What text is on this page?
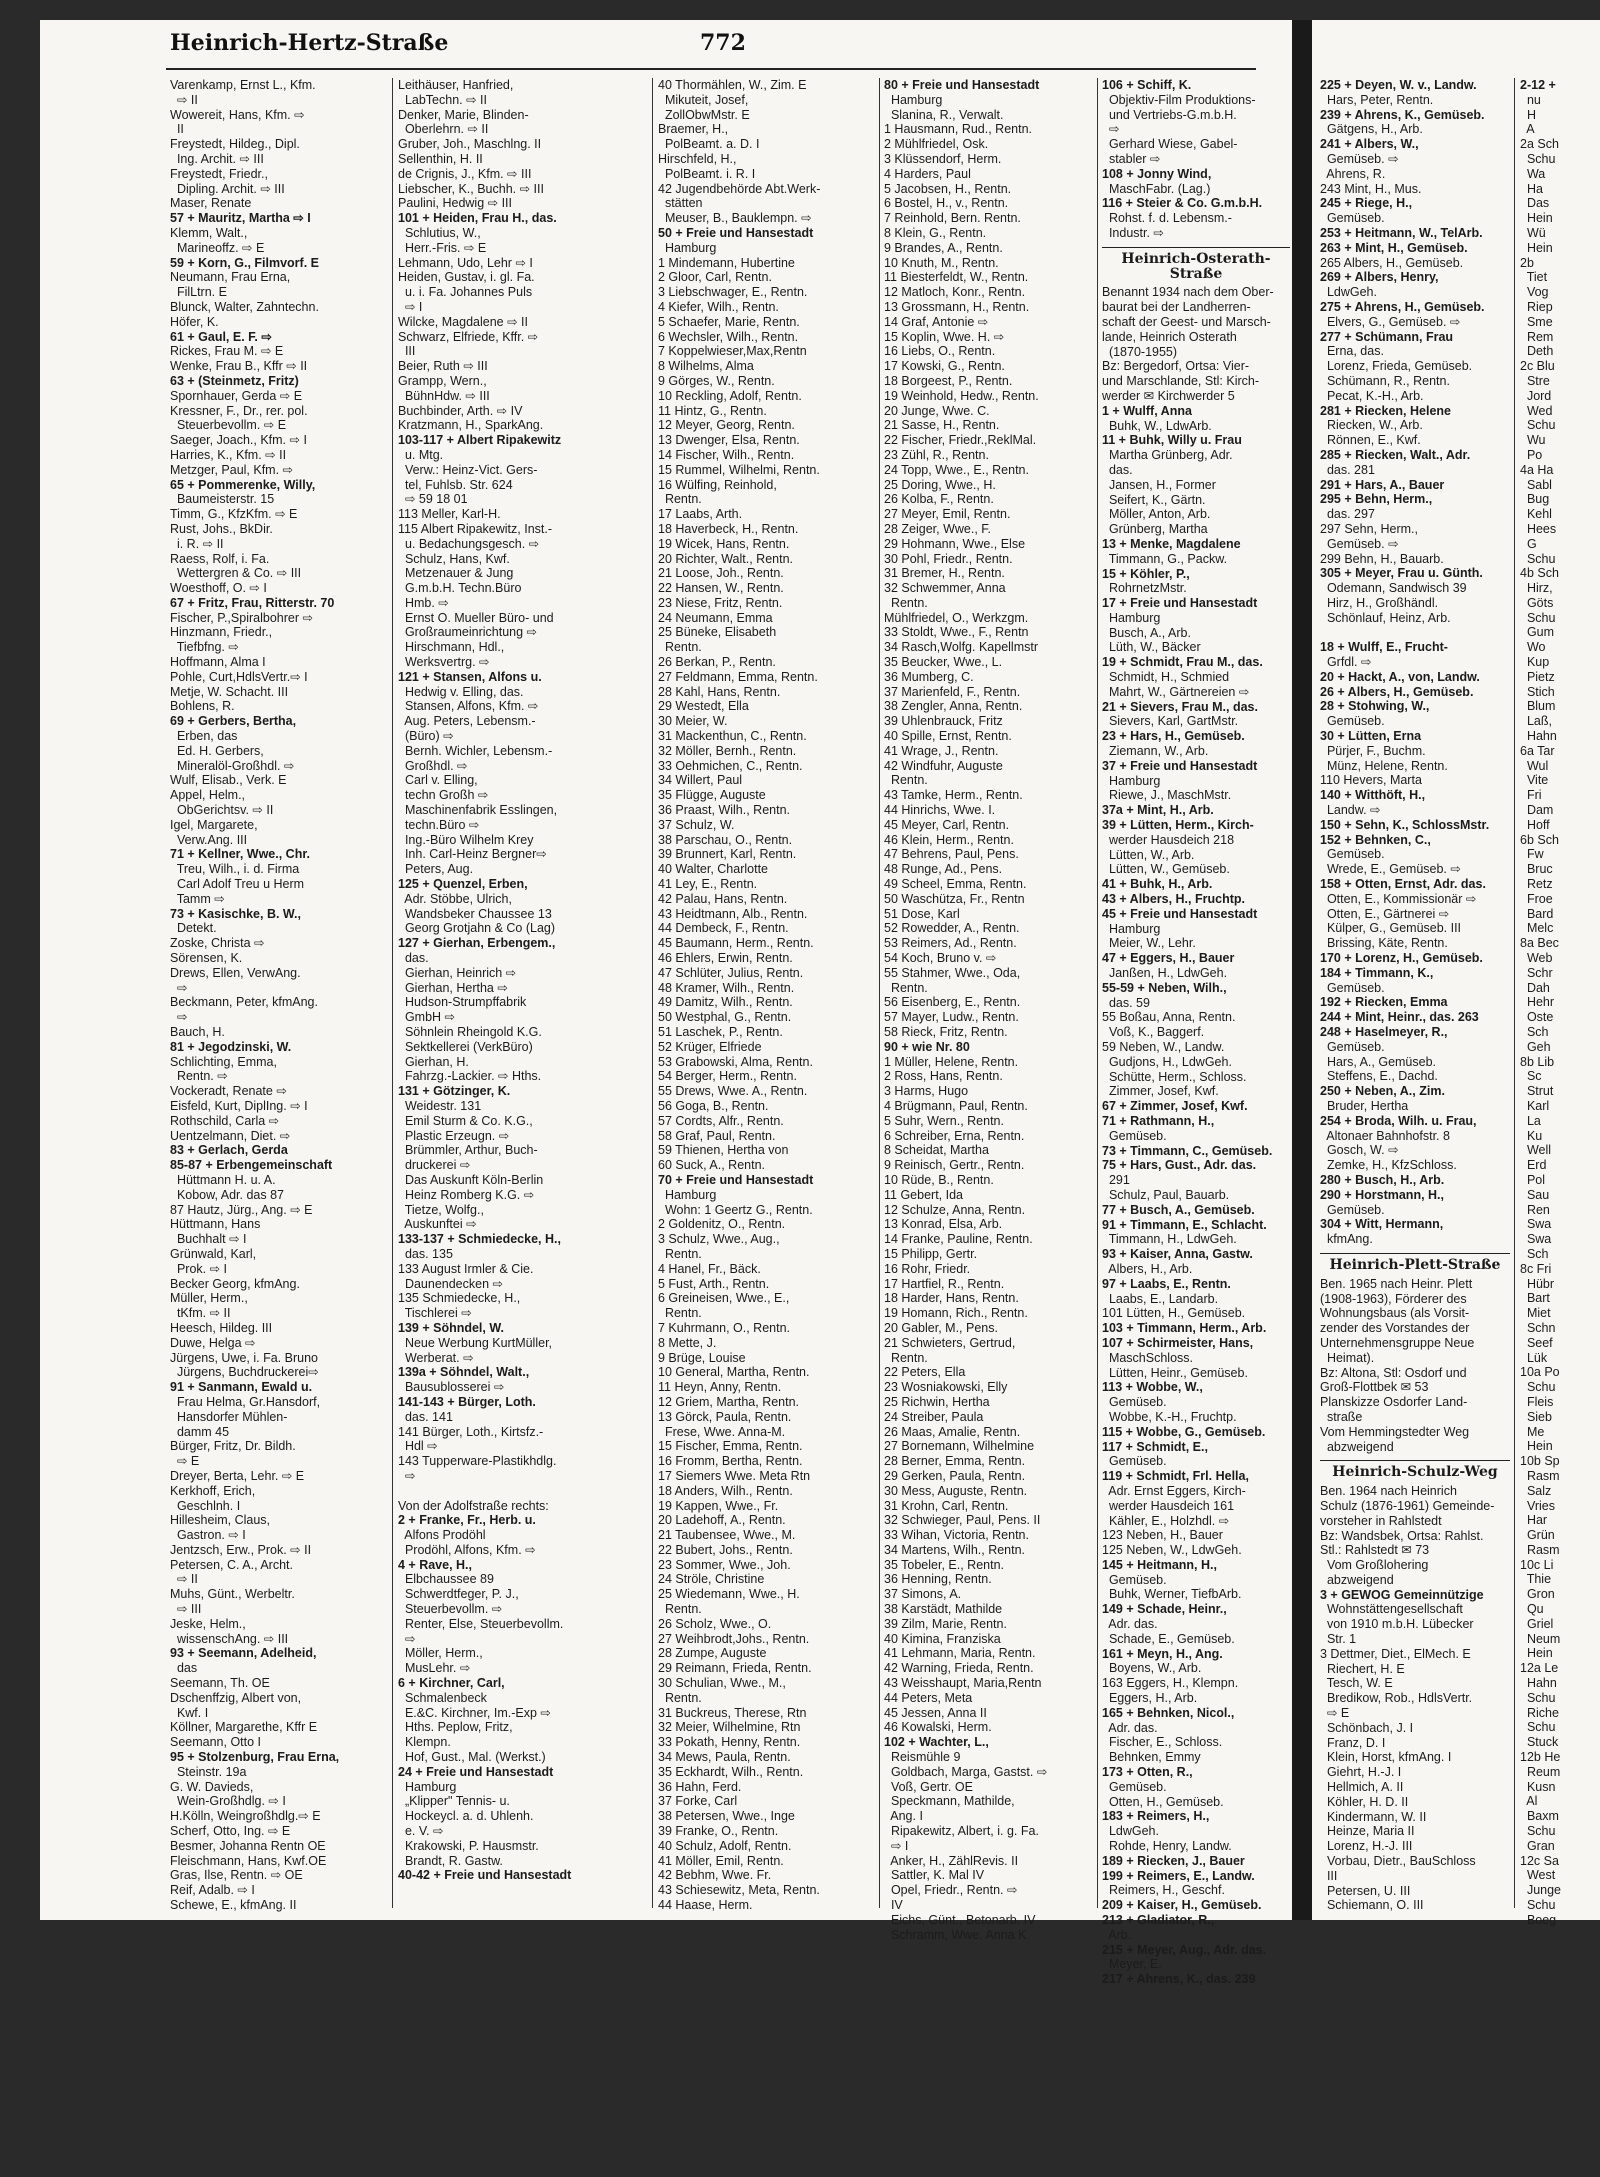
Heinrich-Hertz-Straße	772
Varenkamp, Ernst L., Kfm.
⇨ II
Wowereit, Hans, Kfm. ⇨
II
Freystedt, Hildeg., Dipl.
Ing. Archit. ⇨ III
Freystedt, Friedr.,
Dipling. Archit. ⇨ III
Maser, Renate
57 + Mauritz, Martha ⇨ I
Klemm, Walt.,
Marineoffz. ⇨ E
59 + Korn, G., Filmvorf. E
Neumann, Frau Erna,
FilLtrn. E
Blunck, Walter, Zahntechn.
Höfer, K.
61 + Gaul, E. F. ⇨
Rickes, Frau M. ⇨ E
Wenke, Frau B., Kffr ⇨ II
63 + (Steinmetz, Fritz)
Spornhauer, Gerda ⇨ E
Kressner, F., Dr., rer. pol.
Steuerbevollm. ⇨ E
Saeger, Joach., Kfm. ⇨ I
Harries, K., Kfm. ⇨ II
Metzger, Paul, Kfm. ⇨
65 + Pommerenke, Willy,
Baumeisterstr. 15
Timm, G., KfzKfm. ⇨ E
Rust, Johs., BkDir.
i. R. ⇨ II
Raess, Rolf, i. Fa.
Wettergren & Co. ⇨ III
Woesthoff, O. ⇨ I
67 + Fritz, Frau, Ritterstr. 70
Fischer, P.,Spiralbohrer ⇨
Hinzmann, Friedr.,
Tiefbfng. ⇨
Hoffmann, Alma I
Pohle, Curt,HdlsVertr.⇨ I
Metje, W. Schacht. III
Bohlens, R.
69 + Gerbers, Bertha,
Erben, das
Ed. H. Gerbers,
Mineralöl-Großhdl. ⇨
Wulf, Elisab., Verk. E
Appel, Helm.,
ObGerichtsv. ⇨ II
Igel, Margarete,
Verw.Ang. III
71 + Kellner, Wwe., Chr.
Treu, Wilh., i. d. Firma
Carl Adolf Treu u Herm
Tamm ⇨
73 + Kasischke, B. W.,
Detekt.
Zoske, Christa ⇨
Sörensen, K.
Drews, Ellen, VerwAng.
⇨
Beckmann, Peter, kfmAng.
⇨
Bauch, H.
81 + Jegodzinski, W.
Schlichting, Emma,
Rentn. ⇨
Vockeradt, Renate ⇨
Eisfeld, Kurt, DiplIng. ⇨ I
Rothschild, Carla ⇨
Uentzelmann, Diet. ⇨
83 + Gerlach, Gerda
85-87 + Erbengemeinschaft
Hüttmann H. u. A.
Kobow, Adr. das 87
87 Hautz, Jürg., Ang. ⇨ E
Hüttmann, Hans
Buchhalt ⇨ I
Grünwald, Karl,
Prok. ⇨ I
Becker Georg, kfmAng.
Müller, Herm.,
tKfm. ⇨ II
Heesch, Hildeg. III
Duwe, Helga ⇨
Jürgens, Uwe, i. Fa. Bruno
Jürgens, Buchdruckerei⇨
91 + Sanmann, Ewald u.
Frau Helma, Gr.Hansdorf,
Hansdorfer Mühlen-
damm 45
Bürger, Fritz, Dr. Bildh.
⇨ E
Dreyer, Berta, Lehr. ⇨ E
Kerkhoff, Erich,
Geschlnh. I
Hillesheim, Claus,
Gastron. ⇨ I
Jentzsch, Erw., Prok. ⇨ II
Petersen, C. A., Archt.
⇨ II
Muhs, Günt., Werbeltr.
⇨ III
Jeske, Helm.,
wissenschAng. ⇨ III
93 + Seemann, Adelheid,
das
Seemann, Th. OE
Dschenffzig, Albert von,
Kwf. I
Köllner, Margarethe, Kffr E
Seemann, Otto I
95 + Stolzenburg, Frau Erna,
Steinstr. 19a
G. W. Davieds,
Wein-Großhdlg. ⇨ I
H.Kölln, Weingroßhdlg.⇨ E
Scherf, Otto, Ing. ⇨ E
Besmer, Johanna Rentn OE
Fleischmann, Hans, Kwf.OE
Gras, Ilse, Rentn. ⇨ OE
Reif, Adalb. ⇨ I
Schewe, E., kfmAng. II
Leithäuser, Hanfried,
LabTechn. ⇨ II
Denker, Marie, Blinden-
Oberlehrn. ⇨ II
Gruber, Joh., Maschlng. II
Sellenthin, H. II
de Crignis, J., Kfm. ⇨ III
Liebscher, K., Buchh. ⇨ III
Paulini, Hedwig ⇨ III
101 + Heiden, Frau H., das.
Schlutius, W.,
Herr.-Fris. ⇨ E
Lehmann, Udo, Lehr ⇨ I
Heiden, Gustav, i. gl. Fa.
u. i. Fa. Johannes Puls
⇨ I
Wilcke, Magdalene ⇨ II
Schwarz, Elfriede, Kffr. ⇨
III
Beier, Ruth ⇨ III
Grampp, Wern.,
BühnHdw. ⇨ III
Buchbinder, Arth. ⇨ IV
Kratzmann, H., SparkAng.
103-117 + Albert Ripakewitz
u. Mtg.
Verw.: Heinz-Vict. Gers-
tel, Fuhlsb. Str. 624
⇨ 59 18 01
113 Meller, Karl-H.
115 Albert Ripakewitz, Inst.-
u. Bedachungsgesch. ⇨
Schulz, Hans, Kwf.
Metzenauer & Jung
G.m.b.H. Techn.Büro
Hmb. ⇨
Ernst O. Mueller Büro- und
Großraumeinrichtung ⇨
Hirschmann, Hdl.,
Werksvertrg. ⇨
121 + Stansen, Alfons u.
Hedwig v. Elling, das.
Stansen, Alfons, Kfm. ⇨
Aug. Peters, Lebensm.-
(Büro) ⇨
Bernh. Wichler, Lebensm.-
Großhdl. ⇨
Carl v. Elling,
techn Großh ⇨
Maschinenfabrik Esslingen,
techn.Büro ⇨
Ing.-Büro Wilhelm Krey
Inh. Carl-Heinz Bergner⇨
Peters, Aug.
125 + Quenzel, Erben,
Adr. Stöbbe, Ulrich,
Wandsbeker Chaussee 13
Georg Grotjahn & Co (Lag)
127 + Gierhan, Erbengem.,
das.
Gierhan, Heinrich ⇨
Gierhan, Hertha ⇨
Hudson-Strumpffabrik
GmbH ⇨
Söhnlein Rheingold K.G.
Sektkellerei (VerkBüro)
Gierhan, H.
Fahrzg.-Lackier. ⇨ Hths.
131 + Götzinger, K.
Weidestr. 131
Emil Sturm & Co. K.G.,
Plastic Erzeugn. ⇨
Brümmler, Arthur, Buch-
druckerei ⇨
Das Auskunft Köln-Berlin
Heinz Romberg K.G. ⇨
Tietze, Wolfg.,
Auskunftei ⇨
133-137 + Schmiedecke, H.,
das. 135
133 August Irmler & Cie.
Daunendecken ⇨
135 Schmiedecke, H.,
Tischlerei ⇨
139 + Söhndel, W.
Neue Werbung KurtMüller,
Werberat. ⇨
139a + Söhndel, Walt.,
Bausublosserei ⇨
141-143 + Bürger, Loth.
das. 141
141 Bürger, Loth., Kirtsfz.-
Hdl ⇨
143 Tupperware-Plastikhdlg.
⇨

Von der Adolfstraße rechts:
2 + Franke, Fr., Herb. u.
Alfons Prodöhl
Prodöhl, Alfons, Kfm. ⇨
4 + Rave, H.,
Elbchaussee 89
Schwerdtfeger, P. J.,
Steuerbevollm. ⇨
Renter, Else, Steuerbevollm.
⇨
Möller, Herm.,
MusLehr. ⇨
6 + Kirchner, Carl,
Schmalenbeck
E.&C. Kirchner, Im.-Exp ⇨
Hths. Peplow, Fritz,
Klempn.
Hof, Gust., Mal. (Werkst.)
24 + Freie und Hansestadt
Hamburg
„Klipper" Tennis- u.
Hockeycl. a. d. Uhlenh.
e. V. ⇨
Krakowski, P. Hausmstr.
Brandt, R. Gastw.
40-42 + Freie und Hansestadt
40 Thormählen, W., Zim. E
Mikuteit, Josef,
ZollObwMstr. E
Braemer, H.,
PolBeamt. a. D. I
Hirschfeld, H.,
PolBeamt. i. R. I
42 Jugendbehörde Abt.Werk-
stätten
Meuser, B., Bauklempn. ⇨
50 + Freie und Hansestadt
Hamburg
1 Mindemann, Hubertine
2 Gloor, Carl, Rentn.
3 Liebschwager, E., Rentn.
4 Kiefer, Wilh., Rentn.
5 Schaefer, Marie, Rentn.
6 Wechsler, Wilh., Rentn.
7 Koppelwieser,Max,Rentn
8 Wilhelms, Alma
9 Görges, W., Rentn.
10 Reckling, Adolf, Rentn.
11 Hintz, G., Rentn.
12 Meyer, Georg, Rentn.
13 Dwenger, Elsa, Rentn.
14 Fischer, Wilh., Rentn.
15 Rummel, Wilhelmi, Rentn.
16 Wülfing, Reinhold,
Rentn.
17 Laabs, Arth.
18 Haverbeck, H., Rentn.
19 Wicek, Hans, Rentn.
20 Richter, Walt., Rentn.
21 Loose, Joh., Rentn.
22 Hansen, W., Rentn.
23 Niese, Fritz, Rentn.
24 Neumann, Emma
25 Büneke, Elisabeth
Rentn.
26 Berkan, P., Rentn.
27 Feldmann, Emma, Rentn.
28 Kahl, Hans, Rentn.
29 Westedt, Ella
30 Meier, W.
31 Mackenthun, C., Rentn.
32 Möller, Bernh., Rentn.
33 Oehmichen, C., Rentn.
34 Willert, Paul
35 Flügge, Auguste
36 Praast, Wilh., Rentn.
37 Schulz, W.
38 Parschau, O., Rentn.
39 Brunnert, Karl, Rentn.
40 Walter, Charlotte
41 Ley, E., Rentn.
42 Palau, Hans, Rentn.
43 Heidtmann, Alb., Rentn.
44 Dembeck, F., Rentn.
45 Baumann, Herm., Rentn.
46 Ehlers, Erwin, Rentn.
47 Schlüter, Julius, Rentn.
48 Kramer, Wilh., Rentn.
49 Damitz, Wilh., Rentn.
50 Westphal, G., Rentn.
51 Laschek, P., Rentn.
52 Krüger, Elfriede
53 Grabowski, Alma, Rentn.
54 Berger, Herm., Rentn.
55 Drews, Wwe. A., Rentn.
56 Goga, B., Rentn.
57 Cordts, Alfr., Rentn.
58 Graf, Paul, Rentn.
59 Thienen, Hertha von
60 Suck, A., Rentn.
70 + Freie und Hansestadt
Hamburg
Wohn: 1 Geertz G., Rentn.
2 Goldenitz, O., Rentn.
3 Schulz, Wwe., Aug.,
Rentn.
4 Hanel, Fr., Bäck.
5 Fust, Arth., Rentn.
6 Greineisen, Wwe., E.,
Rentn.
7 Kuhrmann, O., Rentn.
8 Mette, J.
9 Brüge, Louise
10 General, Martha, Rentn.
11 Heyn, Anny, Rentn.
12 Griem, Martha, Rentn.
13 Görck, Paula, Rentn.
Frese, Wwe. Anna-M.
15 Fischer, Emma, Rentn.
16 Fromm, Bertha, Rentn.
17 Siemers Wwe. Meta Rtn
18 Anders, Wilh., Rentn.
19 Kappen, Wwe., Fr.
20 Ladehoff, A., Rentn.
21 Taubensee, Wwe., M.
22 Bubert, Johs., Rentn.
23 Sommer, Wwe., Joh.
24 Ströle, Christine
25 Wiedemann, Wwe., H.
Rentn.
26 Scholz, Wwe., O.
27 Weihbrodt,Johs., Rentn.
28 Zumpe, Auguste
29 Reimann, Frieda, Rentn.
30 Schulian, Wwe., M.,
Rentn.
31 Buckreus, Therese, Rtn
32 Meier, Wilhelmine, Rtn
33 Pokath, Henny, Rentn.
34 Mews, Paula, Rentn.
35 Eckhardt, Wilh., Rentn.
36 Hahn, Ferd.
37 Forke, Carl
38 Petersen, Wwe., Inge
39 Franke, O., Rentn.
40 Schulz, Adolf, Rentn.
41 Möller, Emil, Rentn.
42 Bebhm, Wwe. Fr.
43 Schiesewitz, Meta, Rentn.
44 Haase, Herm.
80 + Freie und Hansestadt
Hamburg
Slanina, R., Verwalt.
1 Hausmann, Rud., Rentn.
2 Mühlfriedel, Osk.
3 Klüssendorf, Herm.
4 Harders, Paul
5 Jacobsen, H., Rentn.
6 Bostel, H., v., Rentn.
7 Reinhold, Bern. Rentn.
8 Klein, G., Rentn.
9 Brandes, A., Rentn.
10 Knuth, M., Rentn.
11 Biesterfeldt, W., Rentn.
12 Matloch, Konr., Rentn.
13 Grossmann, H., Rentn.
14 Graf, Antonie ⇨
15 Koplin, Wwe. H. ⇨
16 Liebs, O., Rentn.
17 Kowski, G., Rentn.
18 Borgeest, P., Rentn.
19 Weinhold, Hedw., Rentn.
20 Junge, Wwe. C.
21 Sasse, H., Rentn.
22 Fischer, Friedr.,ReklMal.
23 Zühl, R., Rentn.
24 Topp, Wwe., E., Rentn.
25 Doring, Wwe., H.
26 Kolba, F., Rentn.
27 Meyer, Emil, Rentn.
28 Zeiger, Wwe., F.
29 Hohmann, Wwe., Else
30 Pohl, Friedr., Rentn.
31 Bremer, H., Rentn.
32 Schwemmer, Anna
Rentn.
Mühlfriedel, O., Werkzgm.
33 Stoldt, Wwe., F., Rentn
34 Rasch,Wolfg. Kapellmstr
35 Beucker, Wwe., L.
36 Mumberg, C.
37 Marienfeld, F., Rentn.
38 Zengler, Anna, Rentn.
39 Uhlenbrauck, Fritz
40 Spille, Ernst, Rentn.
41 Wrage, J., Rentn.
42 Windfuhr, Auguste
Rentn.
43 Tamke, Herm., Rentn.
44 Hinrichs, Wwe. I.
45 Meyer, Carl, Rentn.
46 Klein, Herm., Rentn.
47 Behrens, Paul, Pens.
48 Runge, Ad., Pens.
49 Scheel, Emma, Rentn.
50 Waschütza, Fr., Rentn
51 Dose, Karl
52 Rowedder, A., Rentn.
53 Reimers, Ad., Rentn.
54 Koch, Bruno v. ⇨
55 Stahmer, Wwe., Oda,
Rentn.
56 Eisenberg, E., Rentn.
57 Mayer, Ludw., Rentn.
58 Rieck, Fritz, Rentn.
90 + wie Nr. 80
1 Müller, Helene, Rentn.
2 Ross, Hans, Rentn.
3 Harms, Hugo
4 Brügmann, Paul, Rentn.
5 Suhr, Wern., Rentn.
6 Schreiber, Erna, Rentn.
8 Scheidat, Martha
9 Reinisch, Gertr., Rentn.
10 Rüde, B., Rentn.
11 Gebert, Ida
12 Schulze, Anna, Rentn.
13 Konrad, Elsa, Arb.
14 Franke, Pauline, Rentn.
15 Philipp, Gertr.
16 Rohr, Friedr.
17 Hartfiel, R., Rentn.
18 Harder, Hans, Rentn.
19 Homann, Rich., Rentn.
20 Gabler, M., Pens.
21 Schwieters, Gertrud,
Rentn.
22 Peters, Ella
23 Wosniakowski, Elly
25 Richwin, Hertha
24 Streiber, Paula
26 Maas, Amalie, Rentn.
27 Bornemann, Wilhelmine
28 Berner, Emma, Rentn.
29 Gerken, Paula, Rentn.
30 Mess, Auguste, Rentn.
31 Krohn, Carl, Rentn.
32 Schwieger, Paul, Pens. II
33 Wihan, Victoria, Rentn.
34 Martens, Wilh., Rentn.
35 Tobeler, E., Rentn.
36 Henning, Rentn.
37 Simons, A.
38 Karstädt, Mathilde
39 Zilm, Marie, Rentn.
40 Kimina, Franziska
41 Lehmann, Maria, Rentn.
42 Warning, Frieda, Rentn.
43 Weisshaupt, Maria,Rentn
44 Peters, Meta
45 Jessen, Anna II
46 Kowalski, Herm.
102 + Wachter, L.,
Reismühle 9
Goldbach, Marga, Gastst. ⇨
Voß, Gertr. OE
Speckmann, Mathilde,
Ang. I
Ripakewitz, Albert, i. g. Fa.
⇨ I
Anker, H., ZählRevis. II
Sattler, K. Mal IV
Opel, Friedr., Rentn. ⇨
IV
Eichs, Günt., Betonarb. IV
Schramm, Wwe. Anna K
106 + Schiff, K.
Objektiv-Film Produktions-
und Vertriebs-G.m.b.H.
⇨
Gerhard Wiese, Gabel-
stabler ⇨
108 + Jonny Wind,
MaschFabr. (Lag.)
116 + Steier & Co. G.m.b.H.
Rohst. f. d. Lebensm.-
Industr. ⇨
Heinrich-Osterath-Straße
Benannt 1934 nach dem Ober-
baurat bei der Landherren-
schaft der Geest- und Marsch-
lande, Heinrich Osterath
(1870-1955)
Bz: Bergedorf, Ortsa: Vier-
und Marschlande, Stl: Kirch-
werder ✉ Kirchwerder 5
1 + Wulff, Anna
Buhk, W., LdwArb.
11 + Buhk, Willy u. Frau
Martha Grünberg, Adr.
das.
Jansen, H., Former
Seifert, K., Gärtn.
Möller, Anton, Arb.
Grünberg, Martha
13 + Menke, Magdalene
Timmann, G., Packw.
15 + Köhler, P.,
RohrnetzMstr.
17 + Freie und Hansestadt
Hamburg
Busch, A., Arb.
Lüth, W., Bäcker
19 + Schmidt, Frau M., das.
Schmidt, H., Schmied
Mahrt, W., Gärtnereien ⇨
21 + Sievers, Frau M., das.
Sievers, Karl, GartMstr.
23 + Hars, H., Gemüseb.
Ziemann, W., Arb.
37 + Freie und Hansestadt
Hamburg
Riewe, J., MaschMstr.
37a + Mint, H., Arb.
39 + Lütten, Herm., Kirch-
werder Hausdeich 218
Lütten, W., Arb.
Lütten, W., Gemüseb.
41 + Buhk, H., Arb.
43 + Albers, H., Fruchtp.
45 + Freie und Hansestadt
Hamburg
Meier, W., Lehr.
47 + Eggers, H., Bauer
Janßen, H., LdwGeh.
55-59 + Neben, Wilh.,
das. 59
55 Boßau, Anna, Rentn.
Voß, K., Baggerf.
59 Neben, W., Landw.
Gudjons, H., LdwGeh.
Schütte, Herm., Schloss.
Zimmer, Josef, Kwf.
67 + Zimmer, Josef, Kwf.
71 + Rathmann, H.,
Gemüseb.
73 + Timmann, C., Gemüseb.
75 + Hars, Gust., Adr. das.
291
Schulz, Paul, Bauarb.
77 + Busch, A., Gemüseb.
91 + Timmann, E., Schlacht.
Timmann, H., LdwGeh.
93 + Kaiser, Anna, Gastw.
Albers, H., Arb.
97 + Laabs, E., Rentn.
Laabs, E., Landarb.
101 Lütten, H., Gemüseb.
103 + Timmann, Herm., Arb.
107 + Schirmeister, Hans,
MaschSchloss.
Lütten, Heinr., Gemüseb.
113 + Wobbe, W.,
Gemüseb.
Wobbe, K.-H., Fruchtp.
115 + Wobbe, G., Gemüseb.
117 + Schmidt, E.,
Gemüseb.
119 + Schmidt, Frl. Hella,
Adr. Ernst Eggers, Kirch-
werder Hausdeich 161
Kähler, E., Holzhdl. ⇨
123 Neben, H., Bauer
125 Neben, W., LdwGeh.
145 + Heitmann, H.,
Gemüseb.
Buhk, Werner, TiefbArb.
149 + Schade, Heinr.,
Adr. das.
Schade, E., Gemüseb.
161 + Meyn, H., Ang.
Boyens, W., Arb.
163 Eggers, H., Klempn.
Eggers, H., Arb.
165 + Behnken, Nicol.,
Adr. das.
Fischer, E., Schloss.
Behnken, Emmy
173 + Otten, R.,
Gemüseb.
Otten, H., Gemüseb.
183 + Reimers, H.,
LdwGeh.
Rohde, Henry, Landw.
189 + Riecken, J., Bauer
199 + Reimers, E., Landw.
Reimers, H., Geschf.
209 + Kaiser, H., Gemüseb.
213 + Gladiator, R.,
Arb.
215 + Meyer, Aug., Adr. das.
Meyer, E.
217 + Ahrens, K., das. 239
225 + Deyen, W. v., Landw.
Hars, Peter, Rentn.
239 + Ahrens, K., Gemüseb.
Gätgens, H., Arb.
241 + Albers, W.,
Gemüseb. ⇨
Ahrens, R.
243 Mint, H., Mus.
245 + Riege, H.,
Gemüseb.
253 + Heitmann, W., TelArb.
263 + Mint, H., Gemüseb.
265 Albers, H., Gemüseb.
269 + Albers, Henry,
LdwGeh.
275 + Ahrens, H., Gemüseb.
Elvers, G., Gemüseb. ⇨
277 + Schümann, Frau
Erna, das.
Lorenz, Frieda, Gemüseb.
Schümann, R., Rentn.
Pecat, K.-H., Arb.
281 + Riecken, Helene
Riecken, W., Arb.
Rönnen, E., Kwf.
285 + Riecken, Walt., Adr.
das. 281
291 + Hars, A., Bauer
295 + Behn, Herm.,
das. 297
297 Sehn, Herm.,
Gemüseb. ⇨
299 Behn, H., Bauarb.
305 + Meyer, Frau u. Günth.
Odemann, Sandwisch 39
Hirz, H., Großhändl.
Schönlauf, Heinz, Arb.

18 + Wulff, E., Frucht-
Grfdl. ⇨
20 + Hackt, A., von, Landw.
26 + Albers, H., Gemüseb.
28 + Stohwing, W.,
Gemüseb.
30 + Lütten, Erna
Pürjer, F., Buchm.
Münz, Helene, Rentn.
110 Hevers, Marta
140 + Witthöft, H.,
Landw. ⇨
150 + Sehn, K., SchlossMstr.
152 + Behnken, C.,
Gemüseb.
Wrede, E., Gemüseb. ⇨
158 + Otten, Ernst, Adr. das.
Otten, E., Kommissionär ⇨
Otten, E., Gärtnerei ⇨
Külper, G., Gemüseb. III
Brissing, Käte, Rentn.
170 + Lorenz, H., Gemüseb.
184 + Timmann, K.,
Gemüseb.
192 + Riecken, Emma
244 + Mint, Heinr., das. 263
248 + Haselmeyer, R.,
Gemüseb.
Hars, A., Gemüseb.
Steffens, E., Dachd.
250 + Neben, A., Zim.
Bruder, Hertha
254 + Broda, Wilh. u. Frau,
Altonaer Bahnhofstr. 8
Gosch, W. ⇨
Zemke, H., KfzSchloss.
280 + Busch, H., Arb.
290 + Horstmann, H.,
Gemüseb.
304 + Witt, Hermann,
kfmAng.
Heinrich-Plett-Straße
Ben. 1965 nach Heinr. Plett
(1908-1963), Förderer des
Wohnungsbaus (als Vorsit-
zender des Vorstandes der
Unternehmensgruppe Neue
Heimat).
Bz: Altona, Stl: Osdorf und
Groß-Flottbek ✉ 53
Planskizze Osdorfer Land-
straße
Vom Hemmingstedter Weg
abzweigend
Heinrich-Schulz-Weg
Ben. 1964 nach Heinrich
Schulz (1876-1961) Gemeinde-
vorsteher in Rahlstedt
Bz: Wandsbek, Ortsa: Rahlst.
Stl.: Rahlstedt ✉ 73
Vom Großlohering
abzweigend
3 + GEWOG Gemeinnützige
Wohnstättengesellschaft
von 1910 m.b.H. Lübecker
Str. 1
3 Dettmer, Diet., ElMech. E
Riechert, H. E
Tesch, W. E
Bredikow, Rob., HdlsVertr.
⇨ E
Schönbach, J. I
Franz, D. I
Klein, Horst, kfmAng. I
Giehrt, H.-J. I
Hellmich, A. II
Köhler, H. D. II
Kindermann, W. II
Heinze, Maria II
Lorenz, H.-J. III
Vorbau, Dietr., BauSchloss
III
Petersen, U. III
Schiemann, O. III
2-12 +
nu
H
A
2a Sch
Schu
Wa
Ha
Das
Hein
Wü
Hein
2b
Tiet
Vog
Riep
Sme
Rem
Deth
2c Blu
Stre
Jord
Wed
Schu
Wu
Po
4a Ha
Sabl
Bug
Kehl
Hees
G
Schu
4b Sch
Hirz,
Göts
Schu
Gum
Wo
Kup
Pietz
Stich
Blum
Laß,
Hahn
6a Tar
Wul
Vite
Fri
Dam
Hoff
6b Sch
Fw
Bruc
Retz
Froe
Bard
Melc
8a Bec
Web
Schr
Dah
Hehr
Oste
Sch
Geh
8b Lib
Sc
Strut
Karl
La
Ku
Well
Erd
Pol
Sau
Ren
Swa
Swa
Sch
8c Fri
Hübr
Bart
Miet
Schn
Seef
Lük
10a Po
Schu
Fleis
Sieb
Me
Hein
10b Sp
Rasm
Salz
Vries
Har
Grün
Rasm
10c Li
Thie
Gron
Qu
Griel
Neum
Hein
12a Le
Hahn
Schu
Riche
Schu
Stuck
12b He
Reum
Kusn
Al
Baxm
Schu
Gran
12c Sa
West
Junge
Schu
Boeg
